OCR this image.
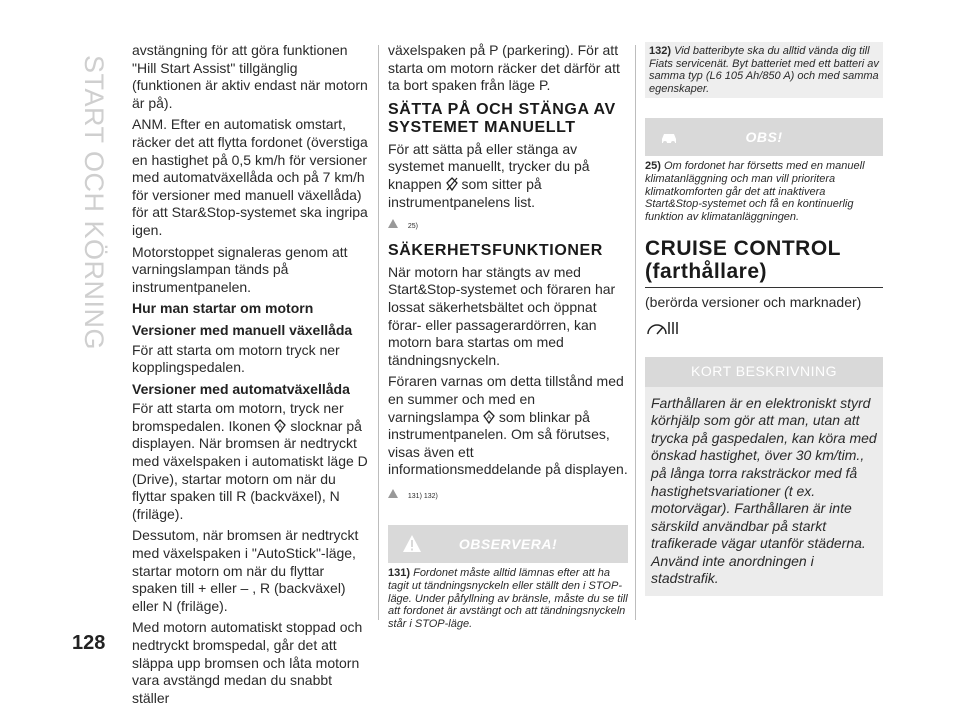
START OCH KÖRNING
128

avstängning för att göra funktionen "Hill Start Assist" tillgänglig (funktionen är aktiv endast när motorn är på).

ANM. Efter en automatisk omstart, räcker det att flytta fordonet (överstiga en hastighet på 0,5 km/h för versioner med automatväxellåda och på 7 km/h för versioner med manuell växellåda) för att Star&Stop-systemet ska ingripa igen.

Motorstoppet signaleras genom att varningslampan tänds på instrumentpanelen.

Hur man startar om motorn
Versioner med manuell växellåda

För att starta om motorn tryck ner kopplingspedalen.

Versioner med automatväxellåda

För att starta om motorn, tryck ner bromspedalen. Ikonen A slocknar på displayen. När bromsen är nedtryckt med växelspaken i automatiskt läge D (Drive), startar motorn om när du flyttar spaken till R (backväxel), N (friläge).

Dessutom, när bromsen är nedtryckt med växelspaken i "AutoStick"-läge, startar motorn om när du flyttar spaken till + eller – , R (backväxel) eller N (friläge).

Med motorn automatiskt stoppad och nedtryckt bromspedal, går det att släppa upp bromsen och låta motorn vara avstängd medan du snabbt ställer

växelspaken på P (parkering). För att starta om motorn räcker det därför att ta bort spaken från läge P.

SÄTTA PÅ OCH STÄNGA AV SYSTEMET MANUELLT

För att sätta på eller stänga av systemet manuellt, trycker du på knappen som sitter på instrumentpanelens list.

25)

SÄKERHETSFUNKTIONER

När motorn har stängts av med Start&Stop-systemet och föraren har lossat säkerhetsbältet och öppnat förar- eller passagerardörren, kan motorn bara startas om med tändningsnyckeln.

Föraren varnas om detta tillstånd med en summer och med en varningslampa A som blinkar på instrumentpanelen. Om så förutses, visas även ett informationsmeddelande på displayen.

131) 132)

OBSERVERA!
131) Fordonet måste alltid lämnas efter att ha tagit ut tändningsnyckeln eller ställt den i STOP-läge. Under påfyllning av bränsle, måste du se till att fordonet är avstängt och att tändningsnyckeln står i STOP-läge.
132) Vid batteribyte ska du alltid vända dig till Fiats servicenät. Byt batteriet med ett batteri av samma typ (L6 105 Ah/850 A) och med samma egenskaper.
OBS!
25) Om fordonet har försetts med en manuell klimatanläggning och man vill prioritera klimatkomforten går det att inaktivera Start&Stop-systemet och få en kontinuerlig funktion av klimatanläggningen.
CRUISE CONTROL (farthållare)

(berörda versioner och marknader)

KORT BESKRIVNING
Farthållaren är en elektroniskt styrd körhjälp som gör att man, utan att trycka på gaspedalen, kan köra med önskad hastighet, över 30 km/tim., på långa torra raksträckor med få hastighetsvariationer (t ex. motorvägar). Farthållaren är inte särskild användbar på starkt trafikerade vägar utanför städerna. Använd inte anordningen i stadstrafik.
